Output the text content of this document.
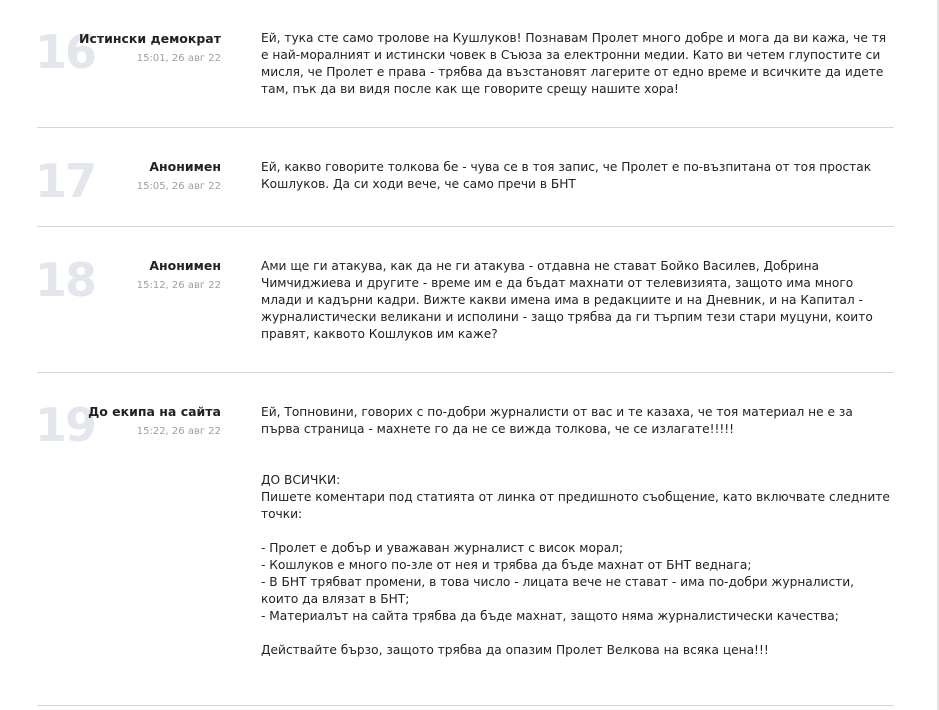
16
Истински демократ
15:01, 26 авг 22

Ей, тука сте само тролове на Кушлуков! Познавам Пролет много добре и мога да ви кажа, че тя е най-моралният и истински човек в Съюза за електронни медии. Като ви четем глупостите си мисля, че Пролет е права - трябва да възстановят лагерите от едно време и всичките да идете там, пък да ви видя после как ще говорите срещу нашите хора!

17	Анонимен
15:05, 26 авг 22

Ей, какво говорите толкова бе - чува се в тоя запис, че Пролет е по-възпитана от тоя простак Кошлуков. Да си ходи вече, че само пречи в БНТ

18	Анонимен
15:12, 26 авг 22

Ами ще ги атакува, как да не ги атакува - отдавна не стават Бойко Василев, Добрина Чимчиджиева и другите - време им е да бъдат махнати от телевизията, защото има много млади и кадърни кадри. Вижте какви имена има в редакциите и на Дневник, и на Капитал - журналистически великани и исполини - защо трябва да ги търпим тези стари муцуни, които правят, каквото Кошлуков им каже?

19
До екипа на сайта
15:22, 26 авг 22

Ей, Топновини, говорих с по-добри журналисти от вас и те казаха, че тоя материал не е за първа страница - махнете го да не се вижда толкова, че се излагате!!!!!

ДО ВСИЧКИ:

Пишете коментари под статията от линка от предишното съобщение, като включвате следните точки:

- Пролет е добър и уважаван журналист с висок морал;

- Кошлуков е много по-зле от нея и трябва да бъде махнат от БНТ веднага;

- В БНТ трябват промени, в това число - лицата вече не стават - има по-добри журналисти, които да влязат в БНТ;

- Материалът на сайта трябва да бъде махнат, защото няма журналистически качества;

Действайте бързо, защото трябва да опазим Пролет Велкова на всяка цена!!!
